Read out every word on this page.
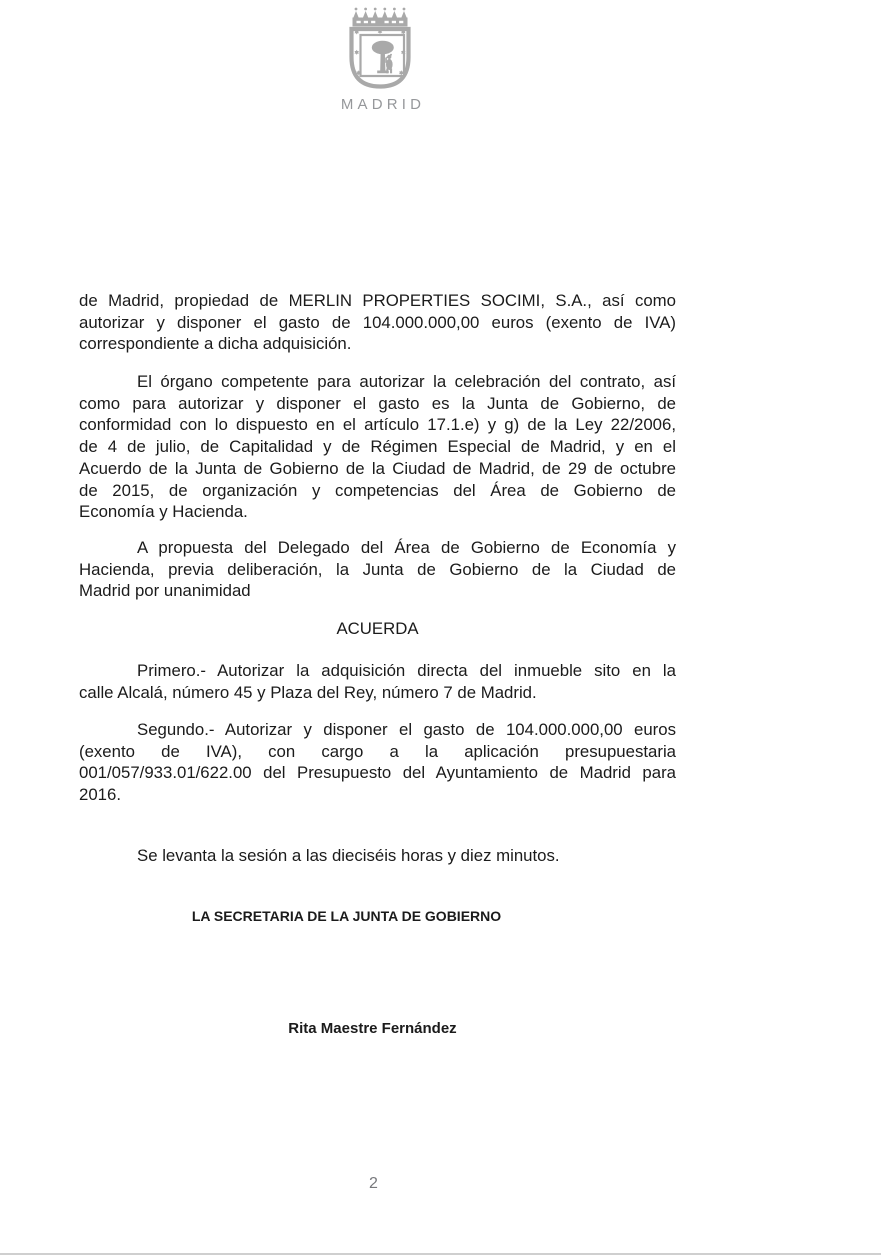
MADRID
de Madrid, propiedad de MERLIN PROPERTIES SOCIMI, S.A., así como
autorizar y disponer el gasto de 104.000.000,00 euros (exento de IVA)
correspondiente a dicha adquisición.
El órgano competente para autorizar la celebración del contrato, así
como para autorizar y disponer el gasto es la Junta de Gobierno, de
conformidad con lo dispuesto en el artículo 17.1.e) y g) de la Ley 22/2006,
de 4 de julio, de Capitalidad y de Régimen Especial de Madrid, y en el
Acuerdo de la Junta de Gobierno de la Ciudad de Madrid, de 29 de octubre
de 2015, de organización y competencias del Área de Gobierno de
Economía y Hacienda.
A propuesta del Delegado del Área de Gobierno de Economía y
Hacienda, previa deliberación, la Junta de Gobierno de la Ciudad de
Madrid por unanimidad
ACUERDA
Primero.- Autorizar la adquisición directa del inmueble sito en la
calle Alcalá, número 45 y Plaza del Rey, número 7 de Madrid.
Segundo.- Autorizar y disponer el gasto de 104.000.000,00 euros
(exento de IVA), con cargo a la aplicación presupuestaria
001/057/933.01/622.00 del Presupuesto del Ayuntamiento de Madrid para
2016.
Se levanta la sesión a las dieciséis horas y diez minutos.
LA SECRETARIA DE LA JUNTA DE GOBIERNO
Rita Maestre Fernández
2
